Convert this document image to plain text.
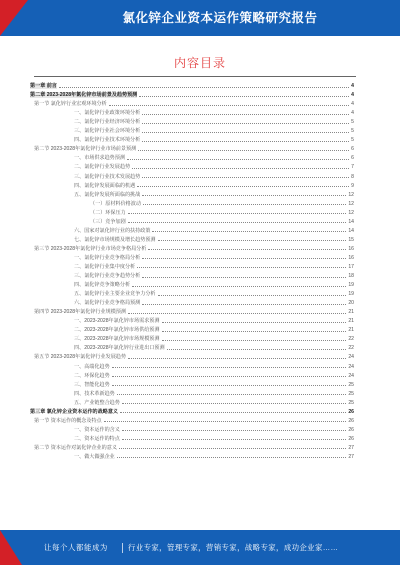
氯化锌企业资本运作策略研究报告
内容目录
第一章 前言	4
第二章 2023-2028年氯化锌市场前景及趋势预测	4
第一节 氯化锌行业宏观环境分析	4
一、氯化锌行业政策环境分析	4
二、氯化锌行业经济环境分析	5
三、氯化锌行业社会环境分析	5
四、氯化锌行业技术环境分析	5
第二节 2023-2028年氯化锌行业市场前景预测	6
一、市场供求趋势预测	6
二、氯化锌行业发展趋势	7
三、氯化锌行业技术发展趋势	8
四、氯化锌发展面临的机遇	9
五、氯化锌发展所面临的挑战	12
（一）原材料价格波动	12
（二）环保压力	12
（三）竞争加剧	14
六、国家对氯化锌行业的扶持政策	14
七、氯化锌市场规模及增长趋势预测	15
第三节 2023-2028年氯化锌行业市场竞争格局分析	16
一、氯化锌行业竞争格局分析	16
二、氯化锌行业集中度分析	17
三、氯化锌行业竞争趋势分析	18
四、氯化锌竞争策略分析	19
五、氯化锌行业主要企业竞争力分析	19
六、氯化锌行业竞争格局预测	20
第四节 2023-2028年氯化锌行业规模预测	21
一、2023-2028年氯化锌市场需求预测	21
二、2023-2028年氯化锌市场供给预测	21
三、2023-2028年氯化锌市场规模预测	22
四、2023-2028年氯化锌行业进出口预测	22
第五节 2023-2028年氯化锌行业发展趋势	24
一、高端化趋势	24
二、环保化趋势	24
三、智能化趋势	25
四、技术革新趋势	25
五、产业链整合趋势	25
第三章 氯化锌企业资本运作的战略意义	26
第一节 资本运作的概念及特点	26
一、资本运作的含义	26
二、资本运作的特点	26
第二节 资本运作对氯化锌企业的意义	27
一、做大做强企业	27
让每个人都能成为	行业专家，管理专家，营销专家，战略专家，成功企业家……
